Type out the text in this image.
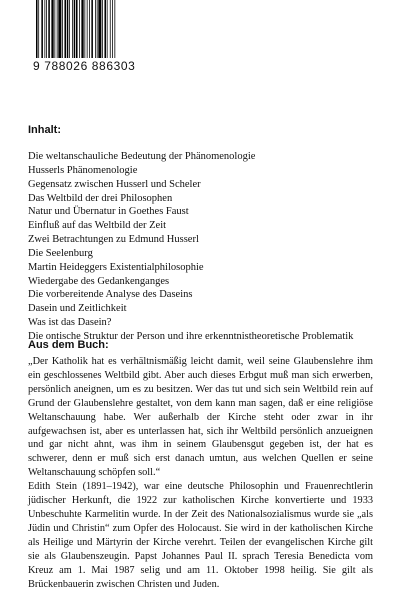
9 788026 886303
Inhalt:
Die weltanschauliche Bedeutung der Phänomenologie
Husserls Phänomenologie
Gegensatz zwischen Husserl und Scheler
Das Weltbild der drei Philosophen
Natur und Übernatur in Goethes Faust
Einfluß auf das Weltbild der Zeit
Zwei Betrachtungen zu Edmund Husserl
Die Seelenburg
Martin Heideggers Existentialphilosophie
Wiedergabe des Gedankenganges
Die vorbereitende Analyse des Daseins
Dasein und Zeitlichkeit
Was ist das Dasein?
Die ontische Struktur der Person und ihre erkenntnistheoretische Problematik
Aus dem Buch:

„Der Katholik hat es verhältnismäßig leicht damit, weil seine Glaubenslehre ihm ein geschlossenes Weltbild gibt. Aber auch dieses Erbgut muß man sich erwerben, persönlich aneignen, um es zu besitzen. Wer das tut und sich sein Weltbild rein auf Grund der Glaubenslehre gestaltet, von dem kann man sagen, daß er eine religiöse Weltanschauung habe. Wer außerhalb der Kirche steht oder zwar in ihr aufgewachsen ist, aber es unterlassen hat, sich ihr Weltbild persönlich anzueignen und gar nicht ahnt, was ihm in seinem Glaubensgut gegeben ist, der hat es schwerer, denn er muß sich erst danach umtun, aus welchen Quellen er seine Weltanschauung schöpfen soll.“

Edith Stein (1891–1942), war eine deutsche Philosophin und Frauenrechtlerin jüdischer Herkunft, die 1922 zur katholischen Kirche konvertierte und 1933 Unbeschuhte Karmelitin wurde. In der Zeit des Nationalsozialismus wurde sie „als Jüdin und Christin“ zum Opfer des Holocaust. Sie wird in der katholischen Kirche als Heilige und Märtyrin der Kirche verehrt. Teilen der evangelischen Kirche gilt sie als Glaubenszeugin. Papst Johannes Paul II. sprach Teresia Benedicta vom Kreuz am 1. Mai 1987 selig und am 11. Oktober 1998 heilig. Sie gilt als Brückenbauerin zwischen Christen und Juden.
